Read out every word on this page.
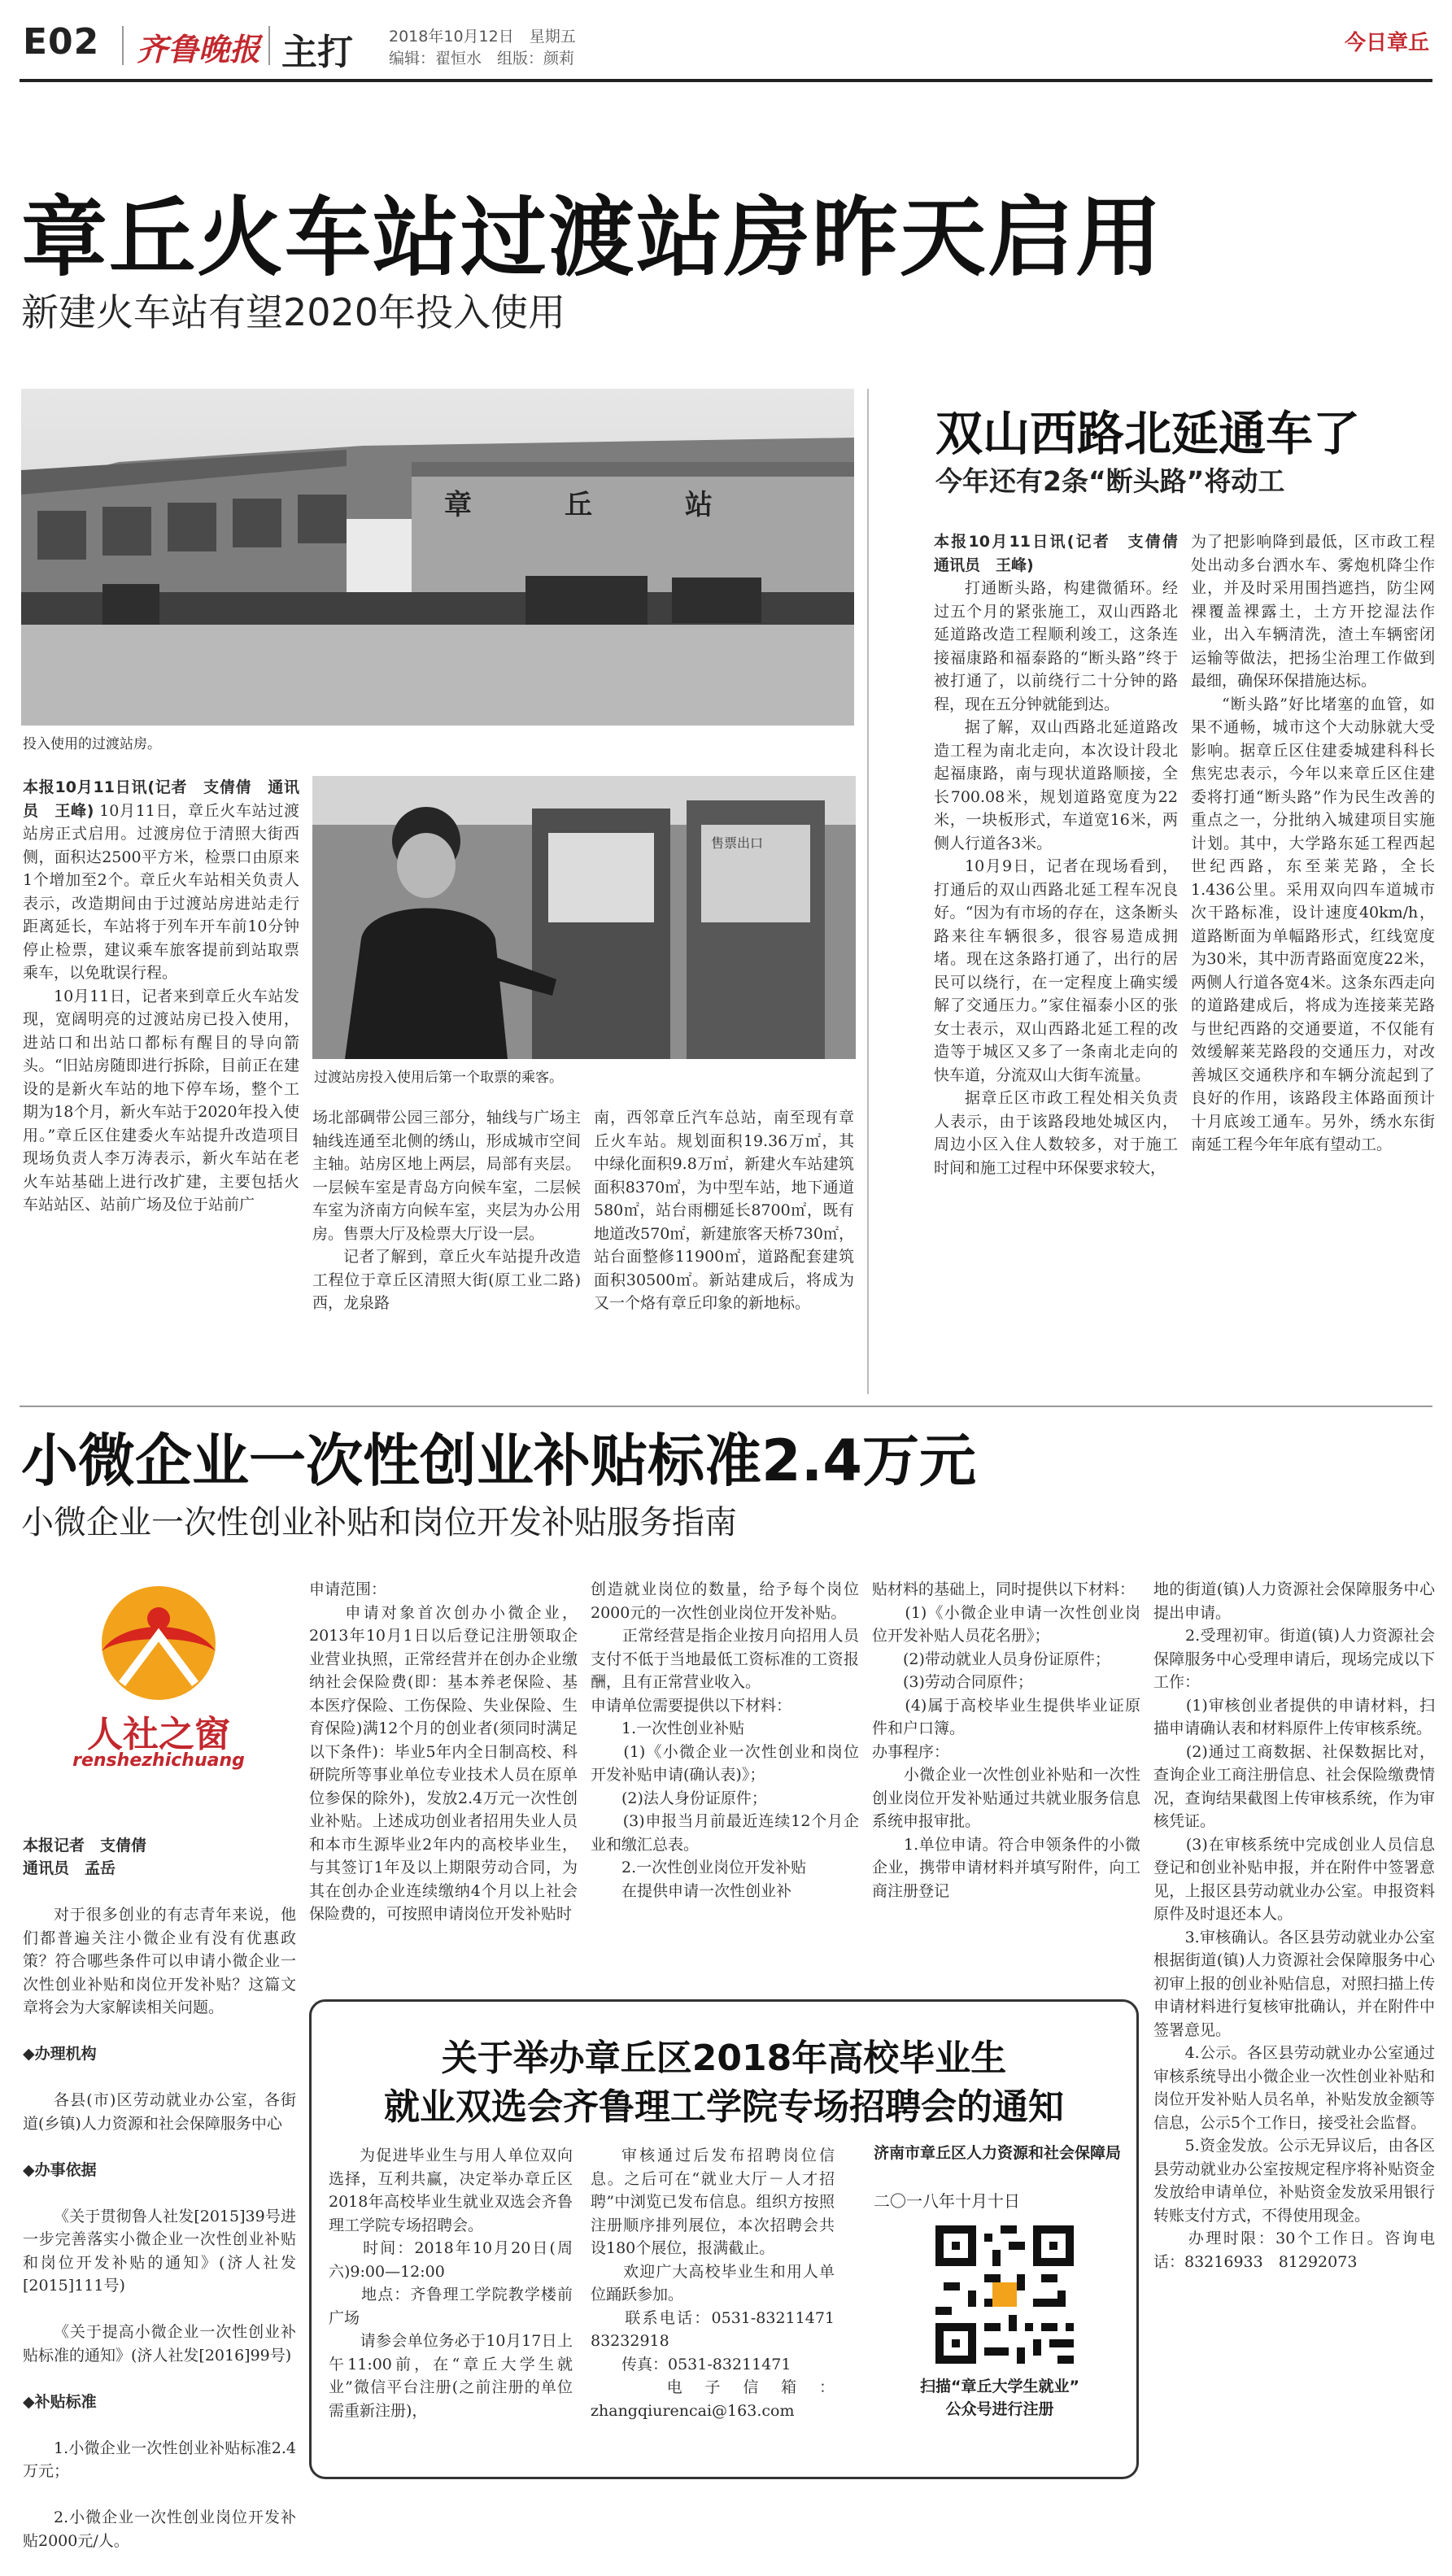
E02 齐鲁晚报 主打 2018年10月12日　星期五
编辑：翟恒水　组版：颜莉
今日章丘
章丘火车站过渡站房昨天启用
新建火车站有望2020年投入使用
章　丘　站
投入使用的过渡站房。
售票出口
过渡站房投入使用后第一个取票的乘客。

本报10月11日讯(记者　支倩倩　通讯员　王峰) 10月11日，章丘火车站过渡站房正式启用。过渡房位于清照大街西侧，面积达2500平方米，检票口由原来1个增加至2个。章丘火车站相关负责人表示，改造期间由于过渡站房进站走行距离延长，车站将于列车开车前10分钟停止检票，建议乘车旅客提前到站取票乘车，以免耽误行程。

10月11日，记者来到章丘火车站发现，宽阔明亮的过渡站房已投入使用，进站口和出站口都标有醒目的导向箭头。“旧站房随即进行拆除，目前正在建设的是新火车站的地下停车场，整个工期为18个月，新火车站于2020年投入使用。”章丘区住建委火车站提升改造项目现场负责人李万涛表示，新火车站在老火车站基础上进行改扩建，主要包括火车站站区、站前广场及位于站前广

场北部碉带公园三部分，轴线与广场主轴线连通至北侧的绣山，形成城市空间主轴。站房区地上两层，局部有夹层。一层候车室是青岛方向候车室，二层候车室为济南方向候车室，夹层为办公用房。售票大厅及检票大厅设一层。

记者了解到，章丘火车站提升改造工程位于章丘区清照大街(原工业二路)西，龙泉路

南，西邻章丘汽车总站，南至现有章丘火车站。规划面积19.36万㎡，其中绿化面积9.8万㎡，新建火车站建筑面积8370㎡，为中型车站，地下通道580㎡，站台雨棚延长8700㎡，既有地道改570㎡，新建旅客天桥730㎡，站台面整修11900㎡，道路配套建筑面积30500㎡。新站建成后，将成为又一个烙有章丘印象的新地标。

双山西路北延通车了
今年还有2条“断头路”将动工

本报10月11日讯(记者　支倩倩　通讯员　王峰)

打通断头路，构建微循环。经过五个月的紧张施工，双山西路北延道路改造工程顺利竣工，这条连接福康路和福泰路的“断头路”终于被打通了，以前绕行二十分钟的路程，现在五分钟就能到达。

据了解，双山西路北延道路改造工程为南北走向，本次设计段北起福康路，南与现状道路顺接，全长700.08米，规划道路宽度为22米，一块板形式，车道宽16米，两侧人行道各3米。

10月9日，记者在现场看到，打通后的双山西路北延工程车况良好。“因为有市场的存在，这条断头路来往车辆很多，很容易造成拥堵。现在这条路打通了，出行的居民可以绕行，在一定程度上确实缓解了交通压力。”家住福泰小区的张女士表示，双山西路北延工程的改造等于城区又多了一条南北走向的快车道，分流双山大街车流量。

据章丘区市政工程处相关负责人表示，由于该路段地处城区内，周边小区入住人数较多，对于施工时间和施工过程中环保要求较大，

为了把影响降到最低，区市政工程处出动多台洒水车、雾炮机降尘作业，并及时采用围挡遮挡，防尘网裸覆盖裸露土，土方开挖湿法作业，出入车辆清洗，渣土车辆密闭运输等做法，把扬尘治理工作做到最细，确保环保措施达标。

“断头路”好比堵塞的血管，如果不通畅，城市这个大动脉就大受影响。据章丘区住建委城建科科长焦宪忠表示，今年以来章丘区住建委将打通“断头路”作为民生改善的重点之一，分批纳入城建项目实施计划。其中，大学路东延工程西起世纪西路，东至莱芜路，全长1.436公里。采用双向四车道城市次干路标准，设计速度40km/h，道路断面为单幅路形式，红线宽度为30米，其中沥青路面宽度22米，两侧人行道各宽4米。这条东西走向的道路建成后，将成为连接莱芜路与世纪西路的交通要道，不仅能有效缓解莱芜路段的交通压力，对改善城区交通秩序和车辆分流起到了良好的作用，该路段主体路面预计十月底竣工通车。另外，绣水东街南延工程今年年底有望动工。

小微企业一次性创业补贴标准2.4万元
小微企业一次性创业补贴和岗位开发补贴服务指南
人社之窗
renshezhichuang

本报记者　支倩倩
通讯员　孟岳

对于很多创业的有志青年来说，他们都普遍关注小微企业有没有优惠政策？符合哪些条件可以申请小微企业一次性创业补贴和岗位开发补贴？这篇文章将会为大家解读相关问题。

◆办理机构

各县(市)区劳动就业办公室，各街道(乡镇)人力资源和社会保障服务中心

◆办事依据

《关于贯彻鲁人社发[2015]39号进一步完善落实小微企业一次性创业补贴和岗位开发补贴的通知》(济人社发[2015]111号)

《关于提高小微企业一次性创业补贴标准的通知》(济人社发[2016]99号)

◆补贴标准

1.小微企业一次性创业补贴标准2.4万元；

2.小微企业一次性创业岗位开发补贴2000元/人。

申请范围：
　　申请对象首次创办小微企业，2013年10月1日以后登记注册领取企业营业执照，正常经营并在创办企业缴纳社会保险费(即：基本养老保险、基本医疗保险、工伤保险、失业保险、生育保险)满12个月的创业者(须同时满足以下条件)：毕业5年内全日制高校、科研院所等事业单位专业技术人员在原单位参保的除外)，发放2.4万元一次性创业补贴。上述成功创业者招用失业人员和本市生源毕业2年内的高校毕业生，与其签订1年及以上期限劳动合同，为其在创办企业连续缴纳4个月以上社会保险费的，可按照申请岗位开发补贴时
创造就业岗位的数量，给予每个岗位2000元的一次性创业岗位开发补贴。
　　正常经营是指企业按月向招用人员支付不低于当地最低工资标准的工资报酬，且有正常营业收入。
申请单位需要提供以下材料：
　　1.一次性创业补贴
　　(1)《小微企业一次性创业和岗位开发补贴申请(确认表)》；
　　(2)法人身份证原件；
　　(3)申报当月前最近连续12个月企业和缴汇总表。
　　2.一次性创业岗位开发补贴
　　在提供申请一次性创业补
贴材料的基础上，同时提供以下材料：
　　(1)《小微企业申请一次性创业岗位开发补贴人员花名册》；
　　(2)带动就业人员身份证原件；
　　(3)劳动合同原件；
　　(4)属于高校毕业生提供毕业证原件和户口簿。
办事程序：
　　小微企业一次性创业补贴和一次性创业岗位开发补贴通过共就业服务信息系统申报审批。
　　1.单位申请。符合申领条件的小微企业，携带申请材料并填写附件，向工商注册登记
地的街道(镇)人力资源社会保障服务中心提出申请。
　　2.受理初审。街道(镇)人力资源社会保障服务中心受理申请后，现场完成以下工作：
　　(1)审核创业者提供的申请材料，扫描申请确认表和材料原件上传审核系统。
　　(2)通过工商数据、社保数据比对，查询企业工商注册信息、社会保险缴费情况，查询结果截图上传审核系统，作为审核凭证。
　　(3)在审核系统中完成创业人员信息登记和创业补贴申报，并在附件中签署意见，上报区县劳动就业办公室。申报资料原件及时退还本人。
　　3.审核确认。各区县劳动就业办公室根据街道(镇)人力资源社会保障服务中心初审上报的创业补贴信息，对照扫描上传申请材料进行复核审批确认，并在附件中签署意见。
　　4.公示。各区县劳动就业办公室通过审核系统导出小微企业一次性创业补贴和岗位开发补贴人员名单，补贴发放金额等信息，公示5个工作日，接受社会监督。
　　5.资金发放。公示无异议后，由各区县劳动就业办公室按规定程序将补贴资金发放给申请单位，补贴资金发放采用银行转账支付方式，不得使用现金。
　　办理时限：30个工作日。咨询电话：83216933　81292073
关于举办章丘区2018年高校毕业生
就业双选会齐鲁理工学院专场招聘会的通知
为促进毕业生与用人单位双向选择，互利共赢，决定举办章丘区2018年高校毕业生就业双选会齐鲁理工学院专场招聘会。
　　时间：2018年10月20日(周六)9:00—12:00
　　地点：齐鲁理工学院教学楼前广场
　　请参会单位务必于10月17日上午11:00前，在“章丘大学生就业”微信平台注册(之前注册的单位需重新注册)，
审核通过后发布招聘岗位信息。之后可在“就业大厅－人才招聘”中浏览已发布信息。组织方按照注册顺序排列展位，本次招聘会共设180个展位，报满截止。
　　欢迎广大高校毕业生和用人单位踊跃参加。
　　联系电话：0531-83211471　83232918
　　传真：0531-83211471
　　电子信箱：zhangqiurencai@163.com
济南市章丘区人力资源和社会保障局
二〇一八年十月十日
扫描“章丘大学生就业”
公众号进行注册
